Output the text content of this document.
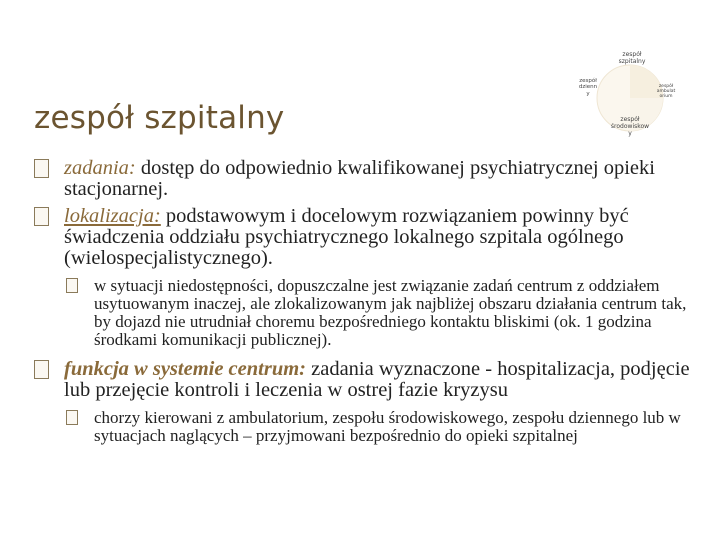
zespół szpitalny
zespół
szpitalny
zespół
dzienn
y
zespół
ambulat
orium
zespół
środowiskow
y
zadania: dostęp do odpowiednio kwalifikowanej psychiatrycznej opieki stacjonarnej.
lokalizacja: podstawowym i docelowym rozwiązaniem powinny być świadczenia oddziału psychiatrycznego lokalnego szpitala ogólnego (wielospecjalistycznego).
w sytuacji niedostępności, dopuszczalne jest związanie zadań centrum z oddziałem usytuowanym inaczej, ale zlokalizowanym jak najbliżej obszaru działania centrum tak, by dojazd nie utrudniał choremu bezpośredniego kontaktu bliskimi (ok. 1 godzina środkami komunikacji publicznej).
funkcja w systemie centrum: zadania wyznaczone - hospitalizacja, podjęcie lub przejęcie kontroli i leczenia w ostrej fazie kryzysu
chorzy kierowani z ambulatorium, zespołu środowiskowego, zespołu dziennego lub w sytuacjach naglących – przyjmowani bezpośrednio do opieki szpitalnej
